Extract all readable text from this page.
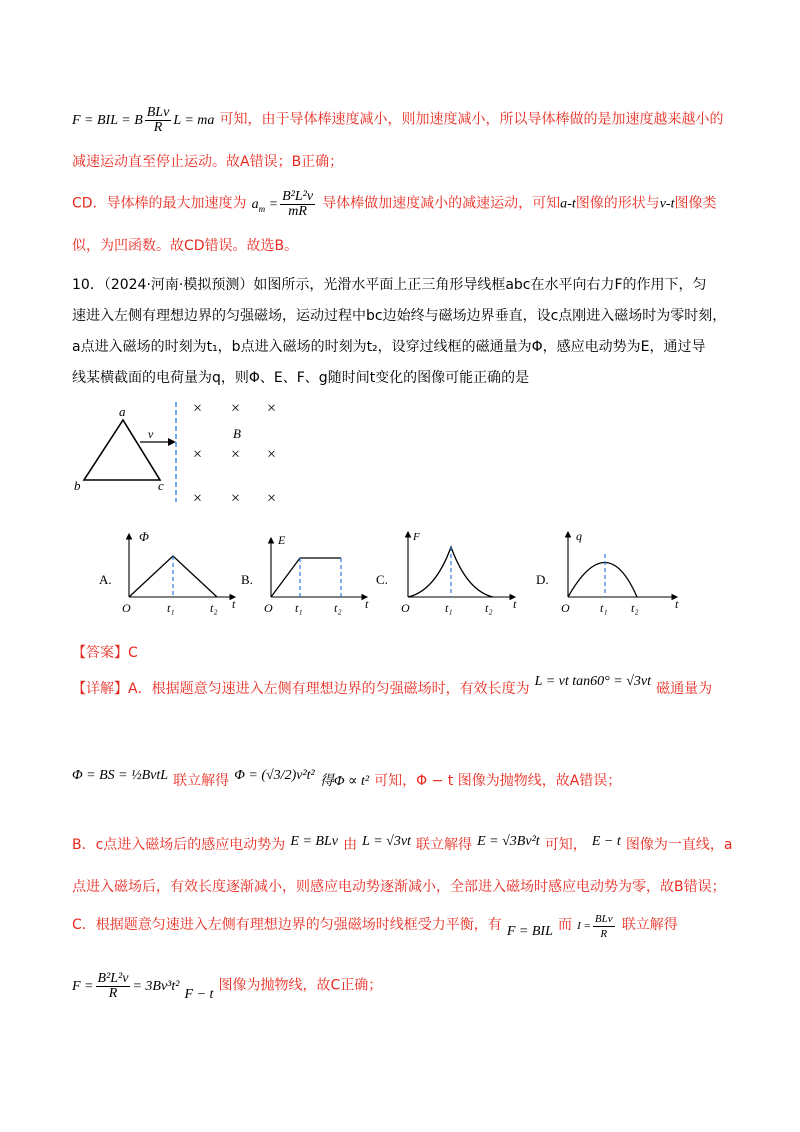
F = BIL = B $\frac{\text{BLv}}{R}$ L = ma 可知，由于导体棒速度减小，则加速度减小，所以导体棒做的是加速度越来越小的
减速运动直至停止运动。故A错误；B正确；
CD．导体棒的最大加速度为 $a_m = \frac{\text{B²L²v}}{mR}$ 导体棒做加速度减小的减速运动，可知a-t图像的形状与v-t图像类
似，为凹函数。故CD错误。故选B。
10．（2024·河南·模拟预测）如图所示，光滑水平面上正三角形导线框abc在水平向右力F的作用下，匀
速进入左侧有理想边界的匀强磁场，运动过程中bc边始终与磁场边界垂直，设c点刚进入磁场时为零时刻，
a点进入磁场的时刻为t₁，b点进入磁场的时刻为t₂，设穿过线框的磁通量为Φ，感应电动势为E，通过导
线某横截面的电荷量为q，则Φ、E、F、g随时间t变化的图像可能正确的是
a
b	c
v
× × ×
B
× × ×
× × ×
A.
Φ
O	t₁	t₂ t
B.
E
O t₁	t₂ t
C.
F
O	t₁	t₂ t
D.
q
O	t₁ t₂	t
【答案】C
【详解】A．根据题意匀速进入左侧有理想边界的匀强磁场时，有效长度为 L = vt tan60° = √3vt 磁通量为
Φ = BS = ½BvtL 联立解得 Φ = (√3/2)v²t² 得Φ ∝ t² 可知，Φ − t 图像为抛物线，故A错误；
B．c点进入磁场后的感应电动势为 E = BLv 由 L = √3vt 联立解得 E = √3Bv²t 可知， E − t 图像为一直线，a
点进入磁场后，有效长度逐渐减小，则感应电动势逐渐减小，全部进入磁场时感应电动势为零，故B错误；
C．根据题意匀速进入左侧有理想边界的匀强磁场时线框受力平衡，有 F = BIL 而 $I = \frac{\text{BLv}}{R}$ 联立解得
$F = \frac{\text{B²L²v}}{R} = 3Bv^3t^2$ F − t 图像为抛物线，故C正确；
